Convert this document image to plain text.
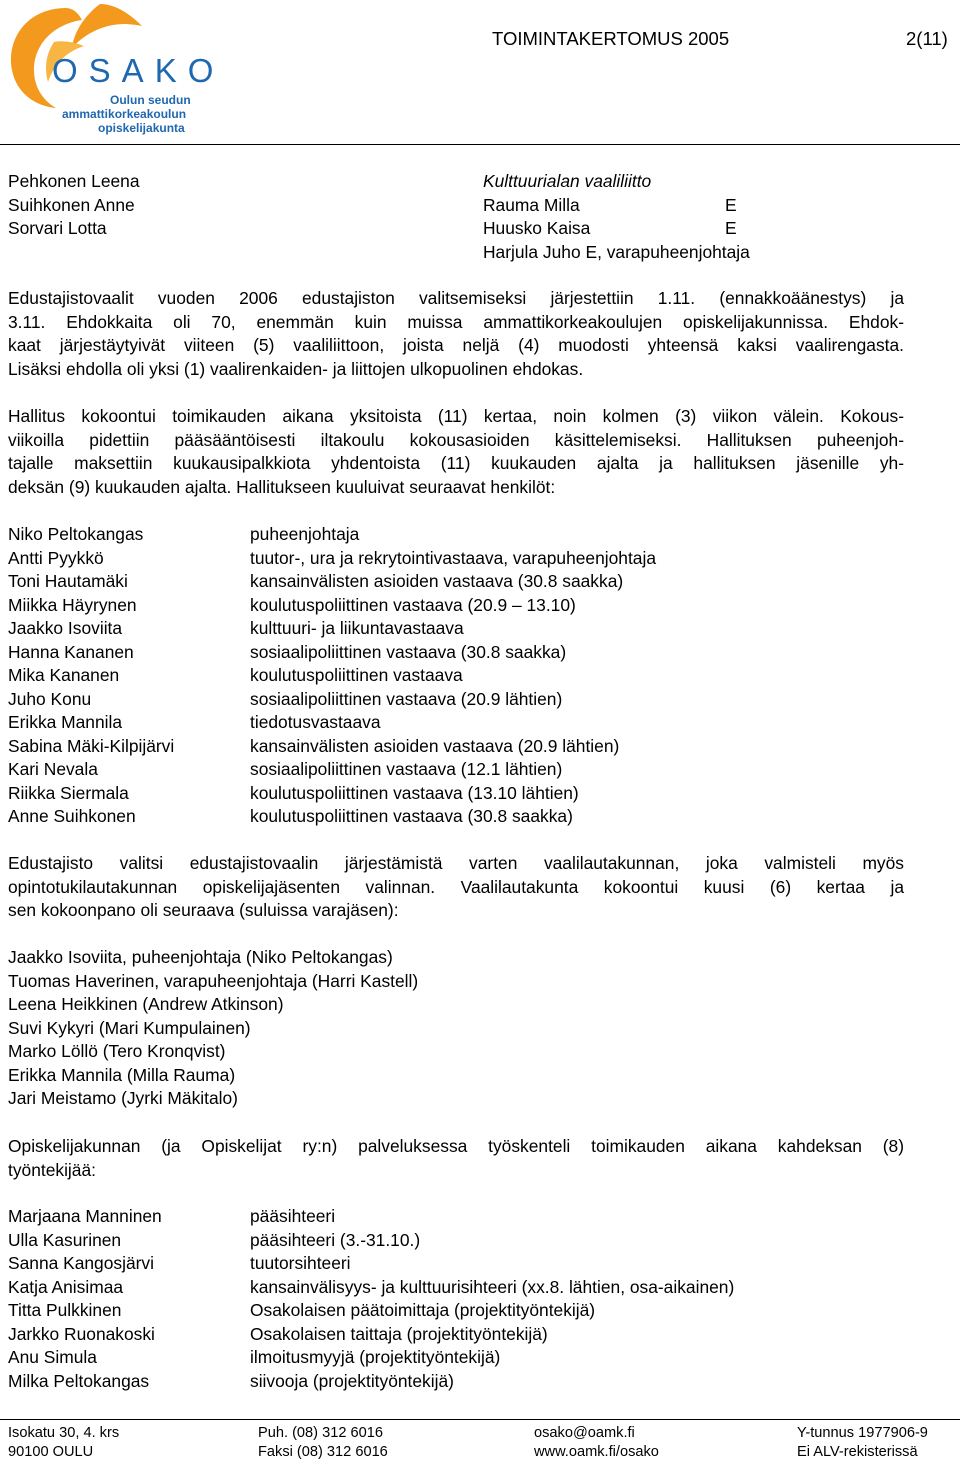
OSAKO
Oulun seudun
ammattikorkeakoulun
opiskelijakunta
TOIMINTAKERTOMUS 2005	2(11)
Pehkonen Leena	Kulttuurialan vaaliliitto
Suihkonen Anne	Rauma Milla	E
Sorvari Lotta	Huusko Kaisa	E
Harjula Juho E, varapuheenjohtaja
Edustajistovaalit vuoden 2006 edustajiston valitsemiseksi järjestettiin 1.11. (ennakkoäänestys) ja
3.11. Ehdokkaita oli 70, enemmän kuin muissa ammattikorkeakoulujen opiskelijakunnissa. Ehdok-
kaat järjestäytyivät viiteen (5) vaaliliittoon, joista neljä (4) muodosti yhteensä kaksi vaalirengasta.
Lisäksi ehdolla oli yksi (1) vaalirenkaiden- ja liittojen ulkopuolinen ehdokas.
Hallitus kokoontui toimikauden aikana yksitoista (11) kertaa, noin kolmen (3) viikon välein. Kokous-
viikoilla pidettiin pääsääntöisesti iltakoulu kokousasioiden käsittelemiseksi. Hallituksen puheenjoh-
tajalle maksettiin kuukausipalkkiota yhdentoista (11) kuukauden ajalta ja hallituksen jäsenille yh-
deksän (9) kuukauden ajalta. Hallitukseen kuuluivat seuraavat henkilöt:
Niko Peltokangas	puheenjohtaja
Antti Pyykkö	tuutor-, ura ja rekrytointivastaava, varapuheenjohtaja
Toni Hautamäki	kansainvälisten asioiden vastaava (30.8 saakka)
Miikka Häyrynen	koulutuspoliittinen vastaava (20.9 – 13.10)
Jaakko Isoviita	kulttuuri- ja liikuntavastaava
Hanna Kananen	sosiaalipoliittinen vastaava (30.8 saakka)
Mika Kananen	koulutuspoliittinen vastaava
Juho Konu	sosiaalipoliittinen vastaava (20.9 lähtien)
Erikka Mannila	tiedotusvastaava
Sabina Mäki-Kilpijärvi	kansainvälisten asioiden vastaava (20.9 lähtien)
Kari Nevala	sosiaalipoliittinen vastaava (12.1 lähtien)
Riikka Siermala	koulutuspoliittinen vastaava (13.10 lähtien)
Anne Suihkonen	koulutuspoliittinen vastaava (30.8 saakka)
Edustajisto valitsi edustajistovaalin järjestämistä varten vaalilautakunnan, joka valmisteli myös
opintotukilautakunnan opiskelijajäsenten valinnan. Vaalilautakunta kokoontui kuusi (6) kertaa ja
sen kokoonpano oli seuraava (suluissa varajäsen):
Jaakko Isoviita, puheenjohtaja (Niko Peltokangas)
Tuomas Haverinen, varapuheenjohtaja (Harri Kastell)
Leena Heikkinen (Andrew Atkinson)
Suvi Kykyri (Mari Kumpulainen)
Marko Löllö (Tero Kronqvist)
Erikka Mannila (Milla Rauma)
Jari Meistamo (Jyrki Mäkitalo)
Opiskelijakunnan (ja Opiskelijat ry:n) palveluksessa työskenteli toimikauden aikana kahdeksan (8)
työntekijää:
Marjaana Manninen	pääsihteeri
Ulla Kasurinen	pääsihteeri (3.-31.10.)
Sanna Kangosjärvi	tuutorsihteeri
Katja Anisimaa	kansainvälisyys- ja kulttuurisihteeri (xx.8. lähtien, osa-aikainen)
Titta Pulkkinen	Osakolaisen päätoimittaja (projektityöntekijä)
Jarkko Ruonakoski	Osakolaisen taittaja (projektityöntekijä)
Anu Simula	ilmoitusmyyjä (projektityöntekijä)
Milka Peltokangas	siivooja (projektityöntekijä)
Isokatu 30, 4. krs
90100 OULU
Puh. (08) 312 6016
Faksi (08) 312 6016
osako@oamk.fi
www.oamk.fi/osako
Y-tunnus 1977906-9
Ei ALV-rekisterissä
